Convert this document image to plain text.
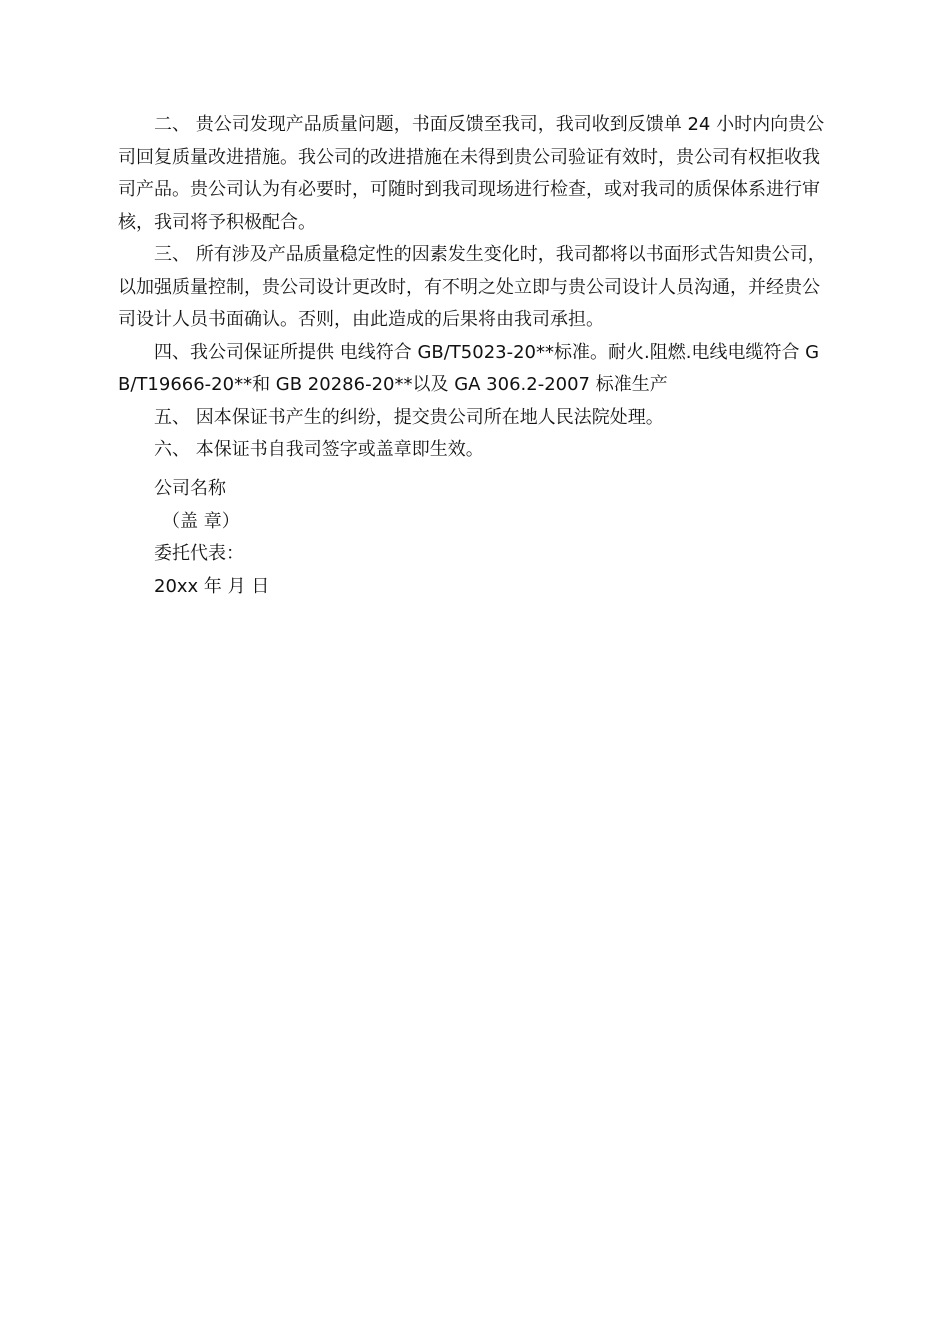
二、 贵公司发现产品质量问题，书面反馈至我司，我司收到反馈单 24 小时内向贵公司回复质量改进措施。我公司的改进措施在未得到贵公司验证有效时，贵公司有权拒收我司产品。贵公司认为有必要时，可随时到我司现场进行检查，或对我司的质保体系进行审核，我司将予积极配合。

三、 所有涉及产品质量稳定性的因素发生变化时，我司都将以书面形式告知贵公司，以加强质量控制，贵公司设计更改时，有不明之处立即与贵公司设计人员沟通，并经贵公司设计人员书面确认。否则，由此造成的后果将由我司承担。

四、我公司保证所提供 电线符合 GB/T5023-20**标准。耐火.阻燃.电线电缆符合 GB/T19666-20**和 GB 20286-20**以及 GA 306.2-2007 标准生产

五、 因本保证书产生的纠纷，提交贵公司所在地人民法院处理。

六、 本保证书自我司签字或盖章即生效。

公司名称

（盖 章）

委托代表：

20xx 年 月 日
